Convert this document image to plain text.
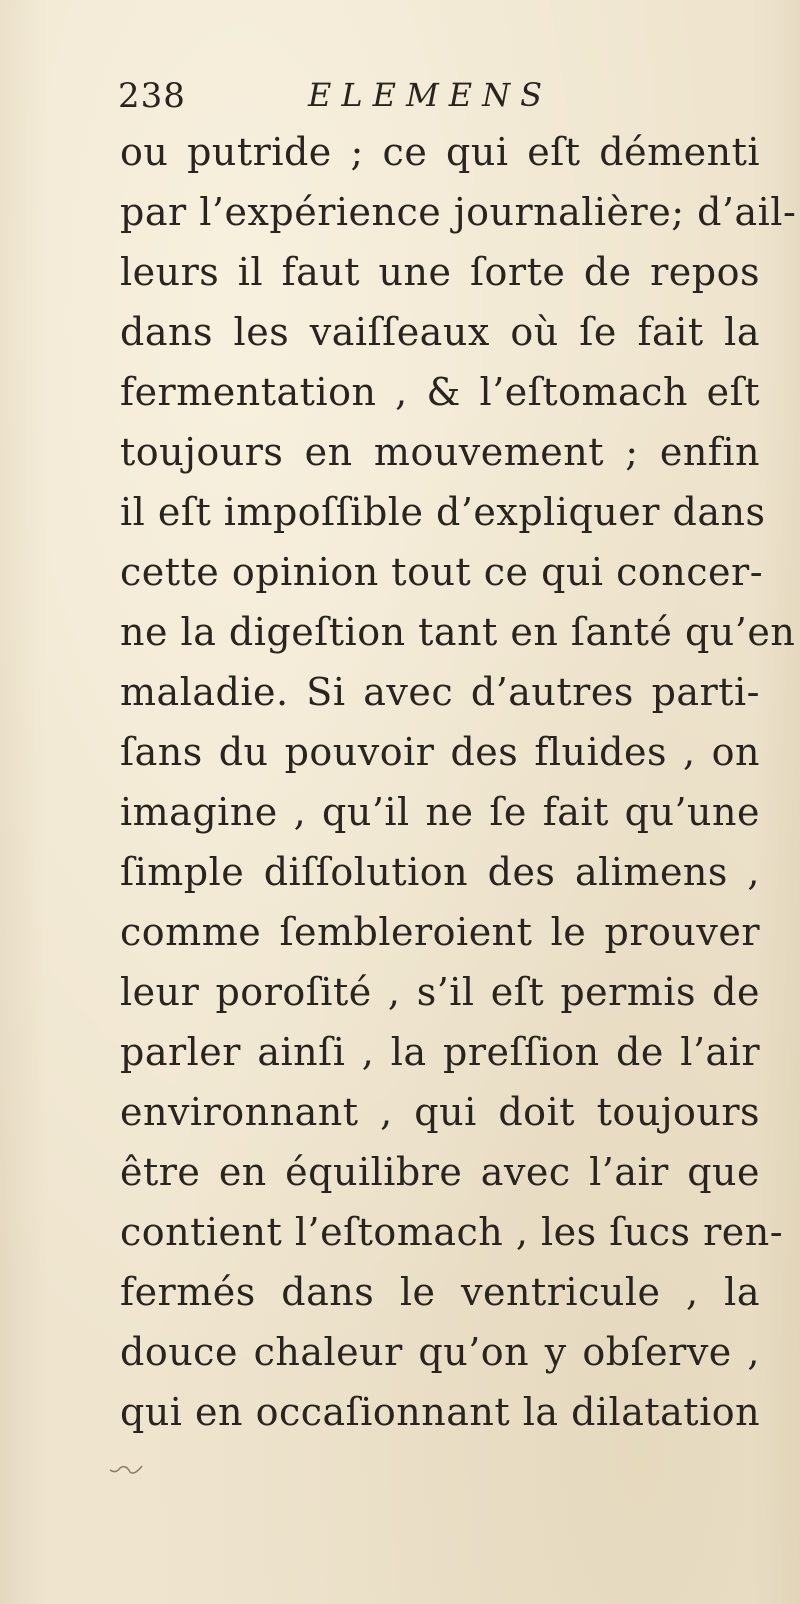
238	ELEMENS
ou putride ; ce qui eſt démenti
par l’expérience journalière; d’ail-
leurs il faut une ſorte de repos
dans les vaiſſeaux où ſe fait la
fermentation , & l’eſtomach eſt
toujours en mouvement ; enfin
il eſt impoſſible d’expliquer dans
cette opinion tout ce qui concer-
ne la digeſtion tant en ſanté qu’en
maladie. Si avec d’autres parti-
ſans du pouvoir des fluides , on
imagine , qu’il ne ſe fait qu’une
ſimple diſſolution des alimens ,
comme ſembleroient le prouver
leur poroſité , s’il eſt permis de
parler ainſi , la preſſion de l’air
environnant , qui doit toujours
être en équilibre avec l’air que
contient l’eſtomach , les ſucs ren-
fermés dans le ventricule , la
douce chaleur qu’on y obſerve ,
qui en occaſionnant la dilatation
